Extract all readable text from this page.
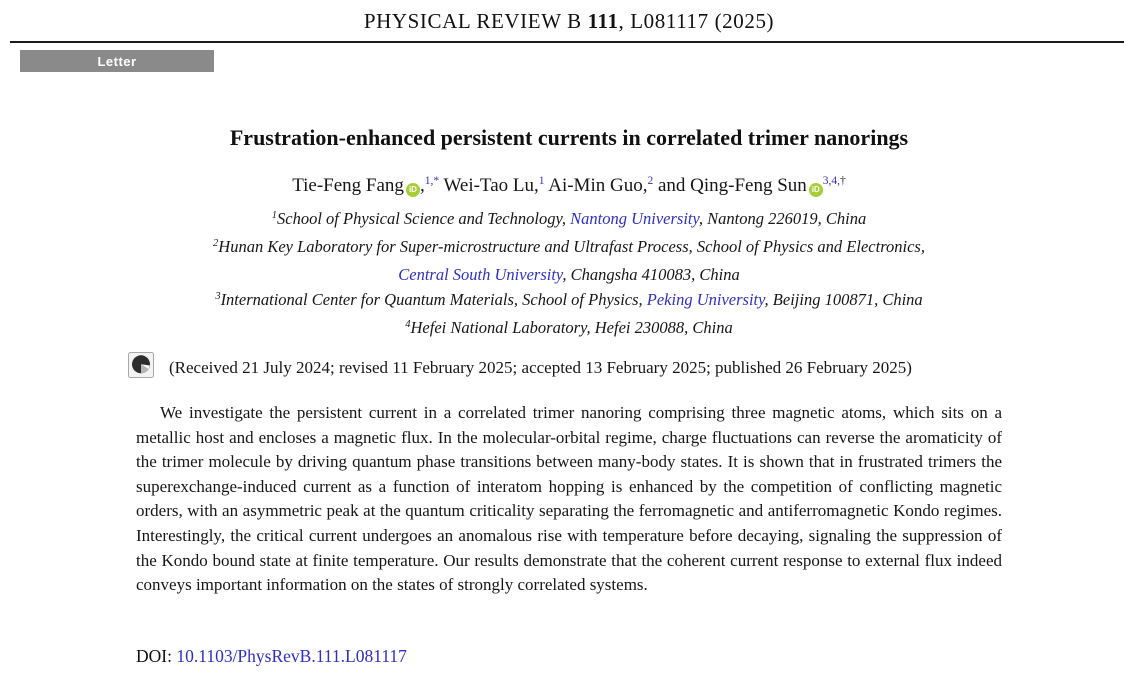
PHYSICAL REVIEW B 111, L081117 (2025)
Letter
Frustration-enhanced persistent currents in correlated trimer nanorings
Tie-Feng Fang iD ,$^{1,*}$ Wei-Tao Lu,$^1$ Ai-Min Guo,$^2$ and Qing-Feng Sun $iD^{3,4,\dagger}$
$^1$School of Physical Science and Technology, Nantong University, Nantong 226019, China
$^2$Hunan Key Laboratory for Super-microstructure and Ultrafast Process, School of Physics and Electronics,
Central South University, Changsha 410083, China
$^3$International Center for Quantum Materials, School of Physics, Peking University, Beijing 100871, China
$^4$Hefei National Laboratory, Hefei 230088, China
(Received 21 July 2024; revised 11 February 2025; accepted 13 February 2025; published 26 February 2025)

We investigate the persistent current in a correlated trimer nanoring comprising three magnetic atoms, which sits on a metallic host and encloses a magnetic flux. In the molecular-orbital regime, charge fluctuations can reverse the aromaticity of the trimer molecule by driving quantum phase transitions between many-body states. It is shown that in frustrated trimers the superexchange-induced current as a function of interatom hopping is enhanced by the competition of conflicting magnetic orders, with an asymmetric peak at the quantum criticality separating the ferromagnetic and antiferromagnetic Kondo regimes. Interestingly, the critical current undergoes an anomalous rise with temperature before decaying, signaling the suppression of the Kondo bound state at finite temperature. Our results demonstrate that the coherent current response to external flux indeed conveys important information on the states of strongly correlated systems.

DOI: 10.1103/PhysRevB.111.L081117
